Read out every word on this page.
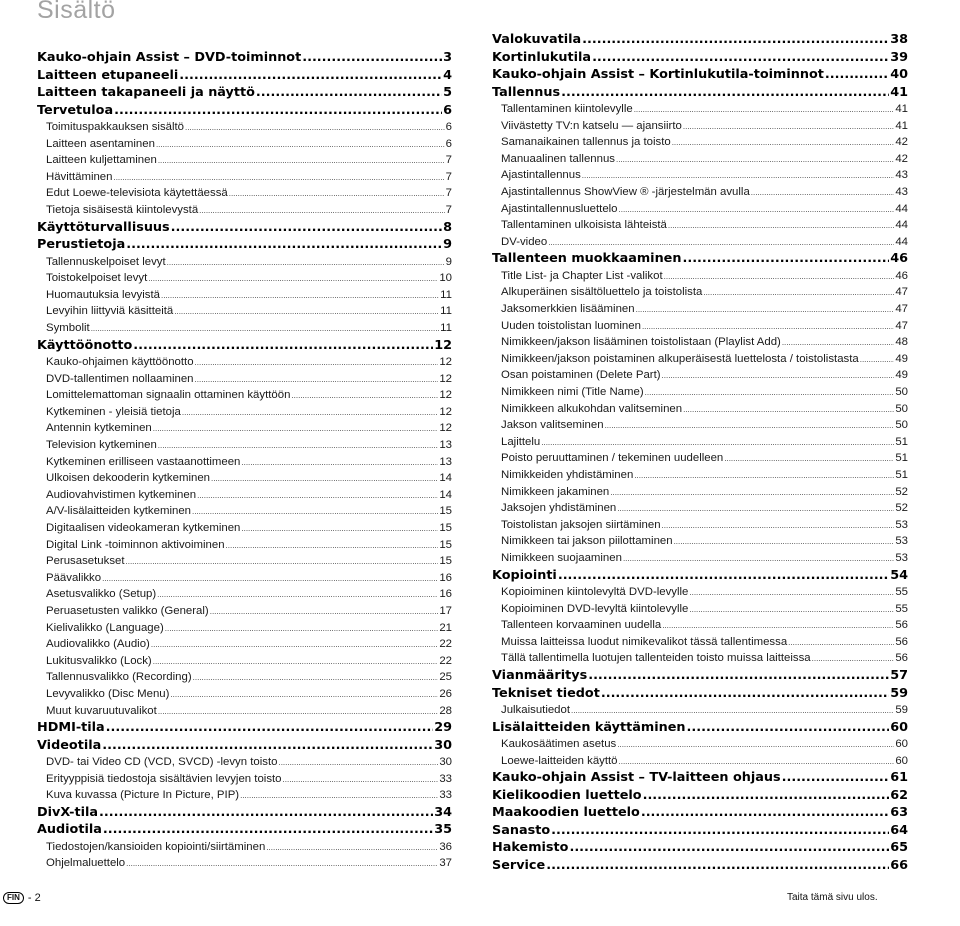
Sisältö
Kauko-ohjain Assist – DVD-toiminnot .....	3
Laitteen etupaneeli .....	4
Laitteen takapaneeli ja näyttö .....	5
Tervetuloa .....	6
Toimituspakkauksen sisältö .....	6
Laitteen asentaminen .....	6
Laitteen kuljettaminen .....	7
Hävittäminen .....	7
Edut Loewe-televisiota käytettäessä .....	7
Tietoja sisäisestä kiintolevystä .....	7
Käyttöturvallisuus .....	8
Perustietoja .....	9
Tallennuskelpoiset levyt .....	9
Toistokelpoiset levyt .....	10
Huomautuksia levyistä .....	11
Levyihin liittyviä käsitteitä .....	11
Symbolit .....	11
Käyttöönotto .....	12
Kauko-ohjaimen käyttöönotto .....	12
DVD-tallentimen nollaaminen .....	12
Lomittelemattoman signaalin ottaminen käyttöön .....	12
Kytkeminen - yleisiä tietoja .....	12
Antennin kytkeminen .....	12
Television kytkeminen .....	13
Kytkeminen erilliseen vastaanottimeen .....	13
Ulkoisen dekooderin kytkeminen .....	14
Audiovahvistimen kytkeminen .....	14
A/V-lisälaitteiden kytkeminen .....	15
Digitaalisen videokameran kytkeminen .....	15
Digital Link -toiminnon aktivoiminen .....	15
Perusasetukset .....	15
Päävalikko .....	16
Asetusvalikko (Setup) .....	16
Peruasetusten valikko (General) .....	17
Kielivalikko (Language) .....	21
Audiovalikko (Audio) .....	22
Lukitusvalikko (Lock) .....	22
Tallennusvalikko (Recording) .....	25
Levyvalikko (Disc Menu) .....	26
Muut kuvaruutuvalikot .....	28
HDMI-tila .....	29
Videotila .....	30
DVD- tai Video CD (VCD, SVCD) -levyn toisto .....	30
Erityyppisiä tiedostoja sisältävien levyjen toisto .....	33
Kuva kuvassa (Picture In Picture, PIP) .....	33
DivX-tila .....	34
Audiotila .....	35
Tiedostojen/kansioiden kopiointi/siirtäminen .....	36
Ohjelmaluettelo .....	37
Valokuvatila .....	38
Kortinlukutila .....	39
Kauko-ohjain Assist – Kortinlukutila-toiminnot .....	40
Tallennus .....	41
Tallentaminen kiintolevylle .....	41
Viivästetty TV:n katselu — ajansiirto .....	41
Samanaikainen tallennus ja toisto .....	42
Manuaalinen tallennus .....	42
Ajastintallennus .....	43
Ajastintallennus ShowView ® -järjestelmän avulla .....	43
Ajastintallennusluettelo .....	44
Tallentaminen ulkoisista lähteistä .....	44
DV-video .....	44
Tallenteen muokkaaminen .....	46
Title List- ja Chapter List -valikot .....	46
Alkuperäinen sisältöluettelo ja toistolista .....	47
Jaksomerkkien lisääminen .....	47
Uuden toistolistan luominen .....	47
Nimikkeen/jakson lisääminen toistolistaan (Playlist Add) .....	48
Nimikkeen/jakson poistaminen alkuperäisestä luettelosta / toistolistasta .....	49
Osan poistaminen (Delete Part) .....	49
Nimikkeen nimi (Title Name) .....	50
Nimikkeen alkukohdan valitseminen .....	50
Jakson valitseminen .....	50
Lajittelu .....	51
Poisto peruuttaminen / tekeminen uudelleen .....	51
Nimikkeiden yhdistäminen .....	51
Nimikkeen jakaminen .....	52
Jaksojen yhdistäminen .....	52
Toistolistan jaksojen siirtäminen .....	53
Nimikkeen tai jakson piilottaminen .....	53
Nimikkeen suojaaminen .....	53
Kopiointi .....	54
Kopioiminen kiintolevyltä DVD-levylle .....	55
Kopioiminen DVD-levyltä kiintolevylle .....	55
Tallenteen korvaaminen uudella .....	56
Muissa laitteissa luodut nimikevalikot tässä tallentimessa .....	56
Tällä tallentimella luotujen tallenteiden toisto muissa laitteissa .....	56
Vianmääritys .....	57
Tekniset tiedot .....	59
Julkaisutiedot .....	59
Lisälaitteiden käyttäminen .....	60
Kaukosäätimen asetus .....	60
Loewe-laitteiden käyttö .....	60
Kauko-ohjain Assist – TV-laitteen ohjaus .....	61
Kielikoodien luettelo .....	62
Maakoodien luettelo .....	63
Sanasto .....	64
Hakemisto .....	65
Service .....	66
FIN - 2	Taita tämä sivu ulos.
